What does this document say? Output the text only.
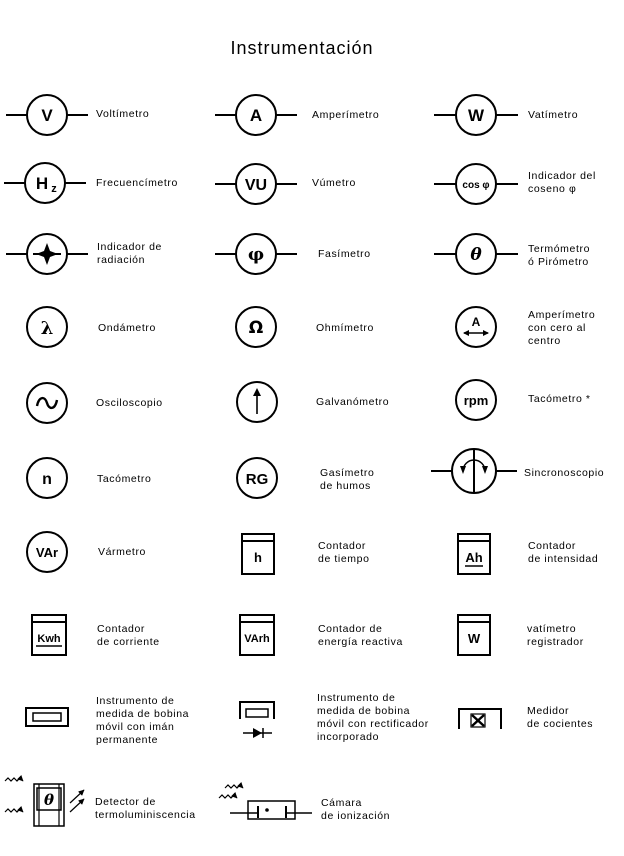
Instrumentación
V	A	W
H z	VU	cos φ
φ	θ
λ	Ω	A
rpm
n	RG
VAr	h	Ah
Kwh	VArh	W
θ
Voltímetro	Amperímetro	Vatímetro
Frecuencímetro	Vúmetro
Indicador del
coseno φ
Indicador de
radiación	Fasímetro	Termómetro
ó Pirómetro
Ondámetro	Ohmímetro
Amperímetro
con cero al
centro
Osciloscopio	Galvanómetro	Tacómetro *
Tacómetro	Gasímetro
de humos
Sincronoscopio
Vármetro	Contador
de tiempo
Contador
de intensidad
Contador
de corriente
Contador de
energía reactiva
vatímetro
registrador
Instrumento de
medida de bobina
móvil con imán
permanente
Instrumento de
medida de bobina
móvil con rectificador
incorporado
Medidor
de cocientes
Detector de
termoluminiscencia
Cámara
de ionización
